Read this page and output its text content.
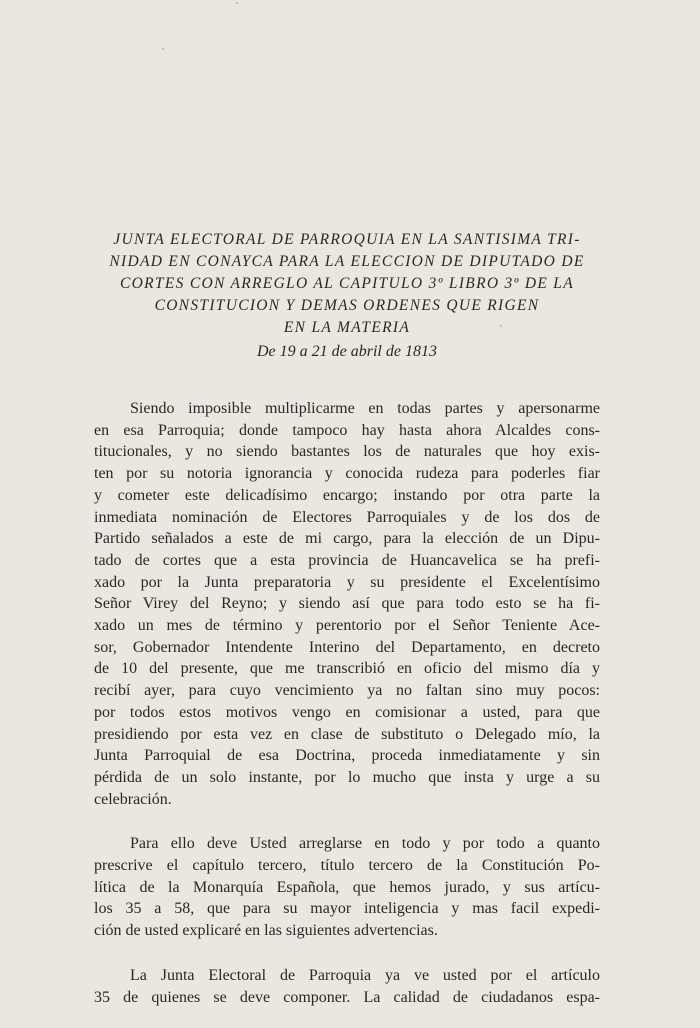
JUNTA ELECTORAL DE PARROQUIA EN LA SANTISIMA TRI-
NIDAD EN CONAYCA PARA LA ELECCION DE DIPUTADO DE
CORTES CON ARREGLO AL CAPITULO 3º LIBRO 3º DE LA
CONSTITUCION Y DEMAS ORDENES QUE RIGEN
EN LA MATERIA
De 19 a 21 de abril de 1813
Siendo imposible multiplicarme en todas partes y apersonarme
en esa Parroquia; donde tampoco hay hasta ahora Alcaldes cons-
titucionales, y no siendo bastantes los de naturales que hoy exis-
ten por su notoria ignorancia y conocida rudeza para poderles fiar
y cometer este delicadísimo encargo; instando por otra parte la
inmediata nominación de Electores Parroquiales y de los dos de
Partido señalados a este de mi cargo, para la elección de un Dipu-
tado de cortes que a esta provincia de Huancavelica se ha prefi-
xado por la Junta preparatoria y su presidente el Excelentísimo
Señor Virey del Reyno; y siendo así que para todo esto se ha fi-
xado un mes de término y perentorio por el Señor Teniente Ace-
sor, Gobernador Intendente Interino del Departamento, en decreto
de 10 del presente, que me transcribió en oficio del mismo día y
recibí ayer, para cuyo vencimiento ya no faltan sino muy pocos:
por todos estos motivos vengo en comisionar a usted, para que
presidiendo por esta vez en clase de substituto o Delegado mío, la
Junta Parroquial de esa Doctrina, proceda inmediatamente y sin
pérdida de un solo instante, por lo mucho que insta y urge a su
celebración.
Para ello deve Usted arreglarse en todo y por todo a quanto
prescrive el capítulo tercero, título tercero de la Constitución Po-
lítica de la Monarquía Española, que hemos jurado, y sus artícu-
los 35 a 58, que para su mayor inteligencia y mas facil expedi-
ción de usted explicaré en las siguientes advertencias.
La Junta Electoral de Parroquia ya ve usted por el artículo
35 de quienes se deve componer. La calidad de ciudadanos espa-
